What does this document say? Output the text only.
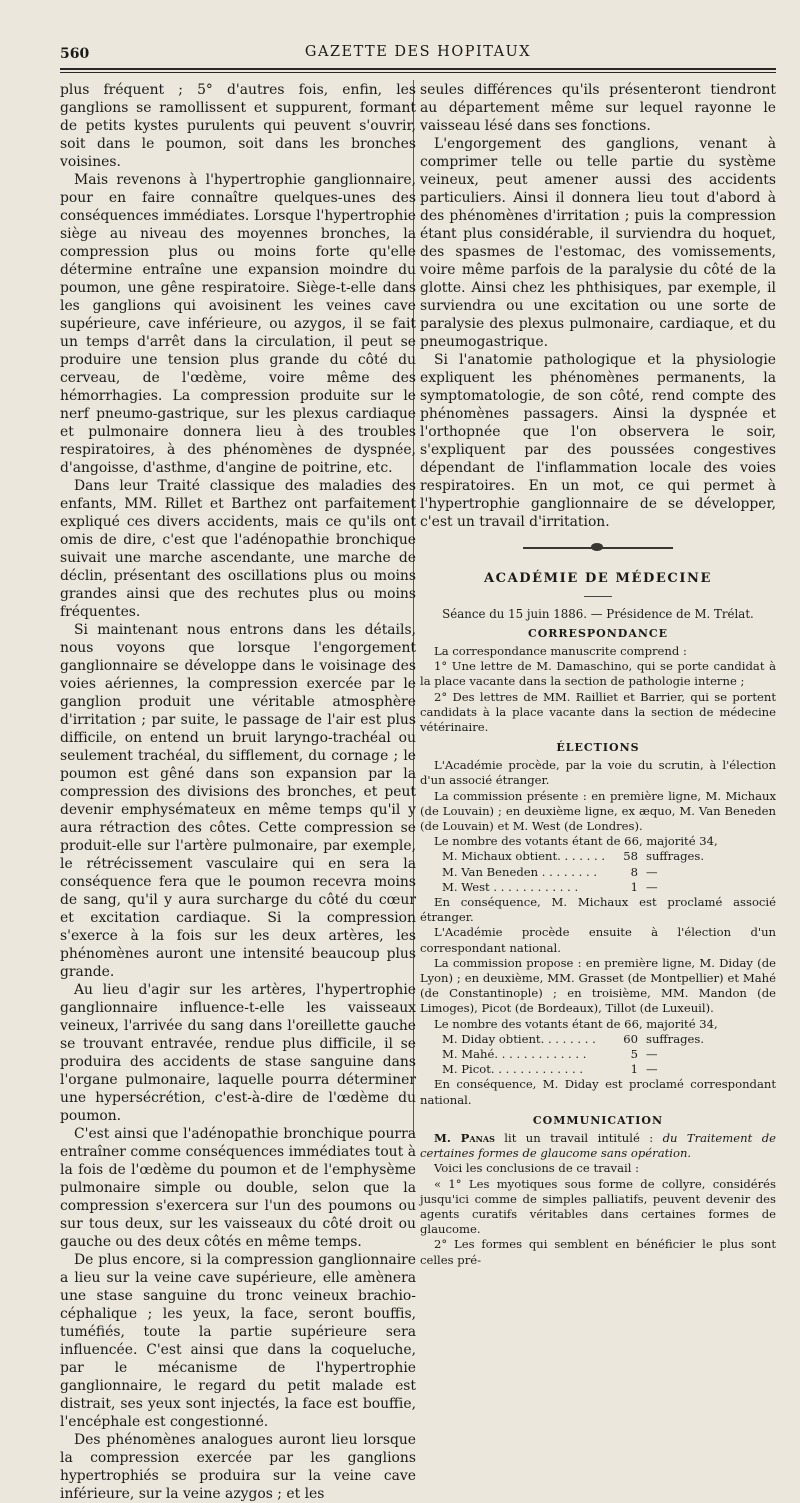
560	GAZETTE DES HOPITAUX

plus fréquent ; 5° d'autres fois, enfin, les ganglions se ramollissent et suppurent, formant de petits kystes purulents qui peuvent s'ouvrir, soit dans le poumon, soit dans les bronches voisines.

Mais revenons à l'hypertrophie ganglionnaire, pour en faire connaître quelques-unes des conséquences immédiates. Lorsque l'hypertrophie siège au niveau des moyennes bronches, la compression plus ou moins forte qu'elle détermine entraîne une expansion moindre du poumon, une gêne respiratoire. Siège-t-elle dans les ganglions qui avoisinent les veines cave supérieure, cave inférieure, ou azygos, il se fait un temps d'arrêt dans la circulation, il peut se produire une tension plus grande du côté du cerveau, de l'œdème, voire même des hémorrhagies. La compression produite sur le nerf pneumo-gastrique, sur les plexus cardiaque et pulmonaire donnera lieu à des troubles respiratoires, à des phénomènes de dyspnée, d'angoisse, d'asthme, d'angine de poitrine, etc.

Dans leur Traité classique des maladies des enfants, MM. Rillet et Barthez ont parfaitement expliqué ces divers accidents, mais ce qu'ils ont omis de dire, c'est que l'adénopathie bronchique suivait une marche ascendante, une marche de déclin, présentant des oscillations plus ou moins grandes ainsi que des rechutes plus ou moins fréquentes.

Si maintenant nous entrons dans les détails, nous voyons que lorsque l'engorgement ganglionnaire se développe dans le voisinage des voies aériennes, la compression exercée par le ganglion produit une véritable atmosphère d'irritation ; par suite, le passage de l'air est plus difficile, on entend un bruit laryngo-trachéal ou seulement trachéal, du sifflement, du cornage ; le poumon est gêné dans son expansion par la compression des divisions des bronches, et peut devenir emphysémateux en même temps qu'il y aura rétraction des côtes. Cette compression se produit-elle sur l'artère pulmonaire, par exemple, le rétrécissement vasculaire qui en sera la conséquence fera que le poumon recevra moins de sang, qu'il y aura surcharge du côté du cœur et excitation cardiaque. Si la compression s'exerce à la fois sur les deux artères, les phénomènes auront une intensité beaucoup plus grande.

Au lieu d'agir sur les artères, l'hypertrophie ganglionnaire influence-t-elle les vaisseaux veineux, l'arrivée du sang dans l'oreillette gauche se trouvant entravée, rendue plus difficile, il se produira des accidents de stase sanguine dans l'organe pulmonaire, laquelle pourra déterminer une hypersécrétion, c'est-à-dire de l'œdème du poumon.

C'est ainsi que l'adénopathie bronchique pourra entraîner comme conséquences immédiates tout à la fois de l'œdème du poumon et de l'emphysème pulmonaire simple ou double, selon que la compression s'exercera sur l'un des poumons ou sur tous deux, sur les vaisseaux du côté droit ou gauche ou des deux côtés en même temps.

De plus encore, si la compression ganglionnaire a lieu sur la veine cave supérieure, elle amènera une stase sanguine du tronc veineux brachio-céphalique ; les yeux, la face, seront bouffis, tuméfiés, toute la partie supérieure sera influencée. C'est ainsi que dans la coqueluche, par le mécanisme de l'hypertrophie ganglionnaire, le regard du petit malade est distrait, ses yeux sont injectés, la face est bouffie, l'encéphale est congestionné.

Des phénomènes analogues auront lieu lorsque la compression exercée par les ganglions hypertrophiés se produira sur la veine cave inférieure, sur la veine azygos ; et les

seules différences qu'ils présenteront tiendront au département même sur lequel rayonne le vaisseau lésé dans ses fonctions.

L'engorgement des ganglions, venant à comprimer telle ou telle partie du système veineux, peut amener aussi des accidents particuliers. Ainsi il donnera lieu tout d'abord à des phénomènes d'irritation ; puis la compression étant plus considérable, il surviendra du hoquet, des spasmes de l'estomac, des vomissements, voire même parfois de la paralysie du côté de la glotte. Ainsi chez les phthisiques, par exemple, il surviendra ou une excitation ou une sorte de paralysie des plexus pulmonaire, cardiaque, et du pneumogastrique.

Si l'anatomie pathologique et la physiologie expliquent les phénomènes permanents, la symptomatologie, de son côté, rend compte des phénomènes passagers. Ainsi la dyspnée et l'orthopnée que l'on observera le soir, s'expliquent par des poussées congestives dépendant de l'inflammation locale des voies respiratoires. En un mot, ce qui permet à l'hypertrophie ganglionnaire de se développer, c'est un travail d'irritation.

ACADÉMIE DE MÉDECINE
Séance du 15 juin 1886. — Présidence de M. Trélat.
CORRESPONDANCE

La correspondance manuscrite comprend :

1° Une lettre de M. Damaschino, qui se porte candidat à la place vacante dans la section de pathologie interne ;

2° Des lettres de MM. Railliet et Barrier, qui se portent candidats à la place vacante dans la section de médecine vétérinaire.

ÉLECTIONS

L'Académie procède, par la voie du scrutin, à l'élection d'un associé étranger.

La commission présente : en première ligne, M. Michaux (de Louvain) ; en deuxième ligne, ex æquo, M. Van Beneden (de Louvain) et M. West (de Londres).

Le nombre des votants étant de 66, majorité 34,

M. Michaux obtient. . . . . . .	58 suffrages.
M. Van Beneden . . . . . . . .	8 —
M. West . . . . . . . . . . . .	1 —

En conséquence, M. Michaux est proclamé associé étranger.

L'Académie procède ensuite à l'élection d'un correspondant national.

La commission propose : en première ligne, M. Diday (de Lyon) ; en deuxième, MM. Grasset (de Montpellier) et Mahé (de Constantinople) ; en troisième, MM. Mandon (de Limoges), Picot (de Bordeaux), Tillot (de Luxeuil).

Le nombre des votants étant de 66, majorité 34,

M. Diday obtient. . . . . . . .	60 suffrages.
M. Mahé. . . . . . . . . . . . .	5 —
M. Picot. . . . . . . . . . . . .	1 —

En conséquence, M. Diday est proclamé correspondant national.

COMMUNICATION

M. Panas lit un travail intitulé : du Traitement de certaines formes de glaucome sans opération.

Voici les conclusions de ce travail :

« 1° Les myotiques sous forme de collyre, considérés jusqu'ici comme de simples palliatifs, peuvent devenir des agents curatifs véritables dans certaines formes de glaucome.

2° Les formes qui semblent en bénéficier le plus sont celles pré-
